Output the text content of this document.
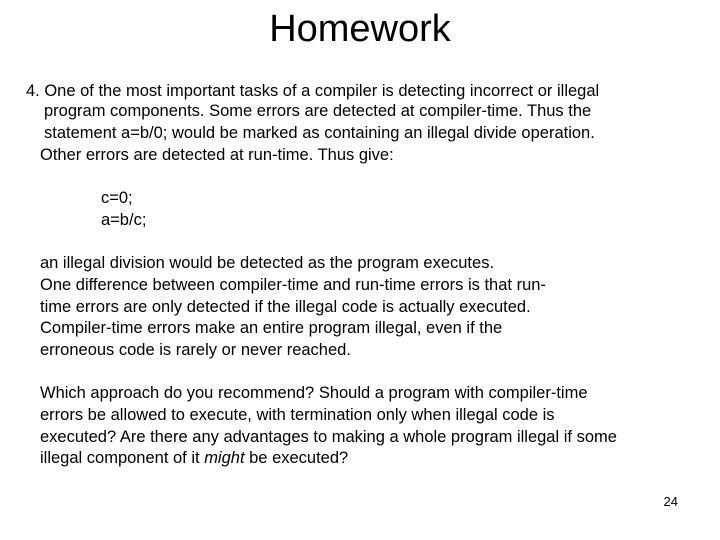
Homework
4. One of the most important tasks of a compiler is detecting incorrect or illegal
program components. Some errors are detected at compiler-time. Thus the
statement a=b/0; would be marked as containing an illegal divide operation.
Other errors are detected at run-time. Thus give:
c=0;
a=b/c;
an illegal division would be detected as the program executes.
One difference between compiler-time and run-time errors is that run-
time errors are only detected if the illegal code is actually executed.
Compiler-time errors make an entire program illegal, even if the
erroneous code is rarely or never reached.
Which approach do you recommend? Should a program with compiler-time
errors be allowed to execute, with termination only when illegal code is
executed? Are there any advantages to making a whole program illegal if some
illegal component of it might be executed?
24
